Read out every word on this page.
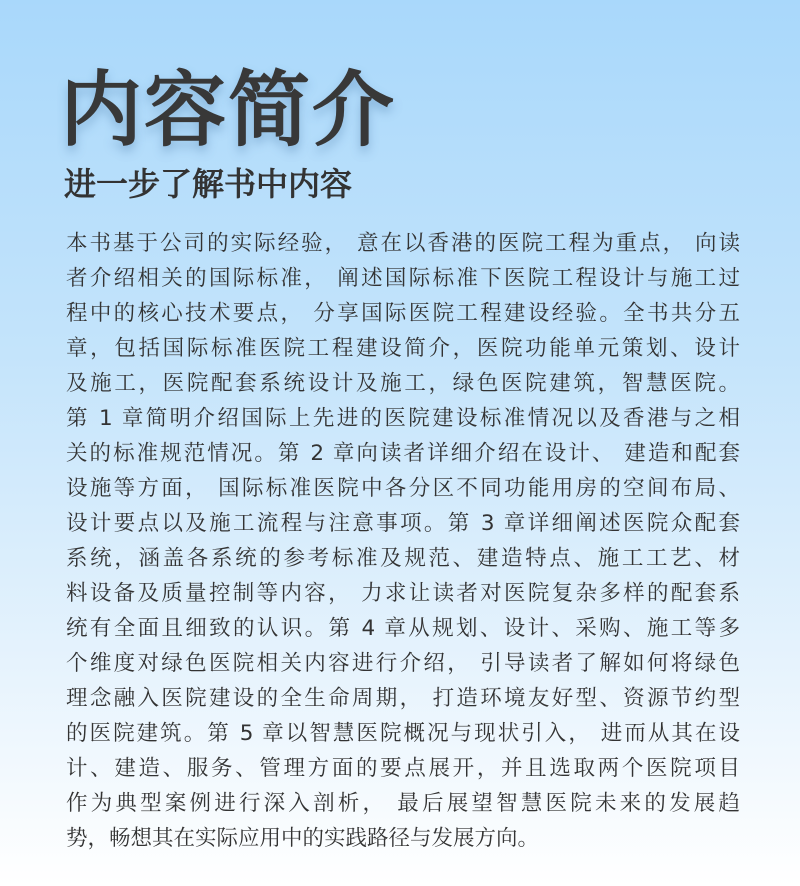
内容简介
进一步了解书中内容
本书基于公司的实际经验， 意在以香港的医院工程为重点， 向读
者介绍相关的国际标准， 阐述国际标准下医院工程设计与施工过
程中的核心技术要点， 分享国际医院工程建设经验。全书共分五
章，包括国际标准医院工程建设简介，医院功能单元策划、设计
及施工，医院配套系统设计及施工，绿色医院建筑，智慧医院。
第 1 章简明介绍国际上先进的医院建设标准情况以及香港与之相
关的标准规范情况。第 2 章向读者详细介绍在设计、 建造和配套
设施等方面， 国际标准医院中各分区不同功能用房的空间布局、
设计要点以及施工流程与注意事项。第 3 章详细阐述医院众配套
系统，涵盖各系统的参考标准及规范、建造特点、施工工艺、材
料设备及质量控制等内容， 力求让读者对医院复杂多样的配套系
统有全面且细致的认识。第 4 章从规划、设计、采购、施工等多
个维度对绿色医院相关内容进行介绍， 引导读者了解如何将绿色
理念融入医院建设的全生命周期， 打造环境友好型、资源节约型
的医院建筑。第 5 章以智慧医院概况与现状引入， 进而从其在设
计、建造、服务、管理方面的要点展开，并且选取两个医院项目
作为典型案例进行深入剖析， 最后展望智慧医院未来的发展趋
势，畅想其在实际应用中的实践路径与发展方向。
